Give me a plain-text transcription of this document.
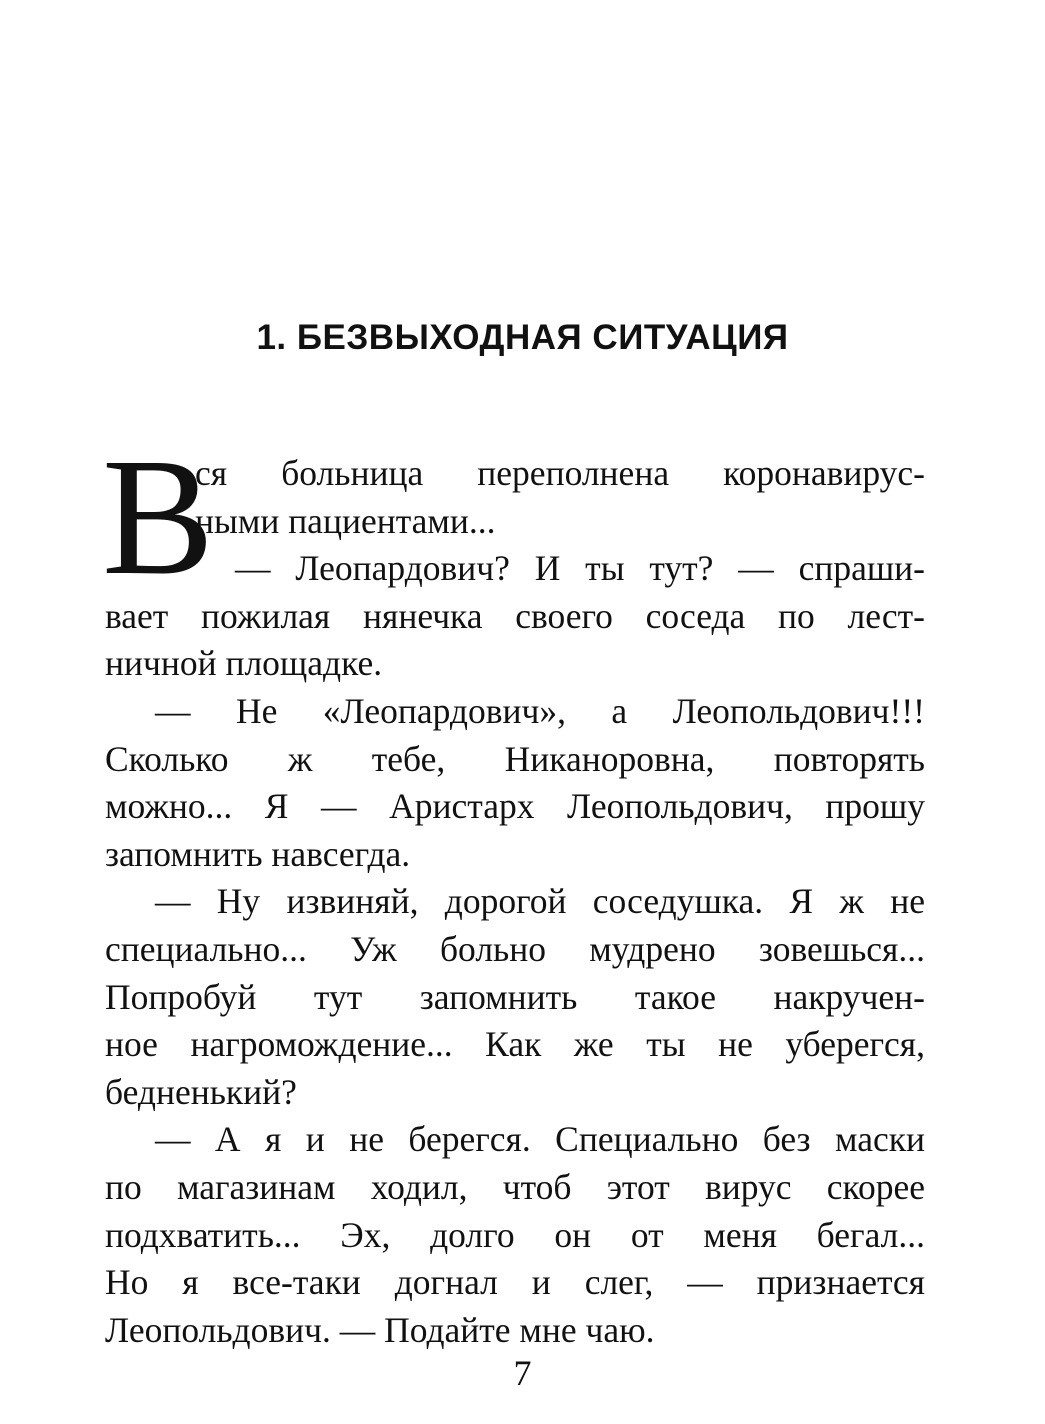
1. БЕЗВЫХОДНАЯ СИТУАЦИЯ
В
ся больница переполнена коронавирус-
ными пациентами...
— Леопардович? И ты тут? — спраши-
вает пожилая нянечка своего соседа по лест-
ничной площадке.
— Не «Леопардович», а Леопольдович!!!
Сколько ж тебе, Никаноровна, повторять
можно... Я — Аристарх Леопольдович, прошу
запомнить навсегда.
— Ну извиняй, дорогой соседушка. Я ж не
специально... Уж больно мудрено зовешься...
Попробуй тут запомнить такое накручен-
ное нагромождение... Как же ты не уберегся,
бедненький?
— А я и не берегся. Специально без маски
по магазинам ходил, чтоб этот вирус скорее
подхватить... Эх, долго он от меня бегал...
Но я все-таки догнал и слег, — признается
Леопольдович. — Подайте мне чаю.
7
